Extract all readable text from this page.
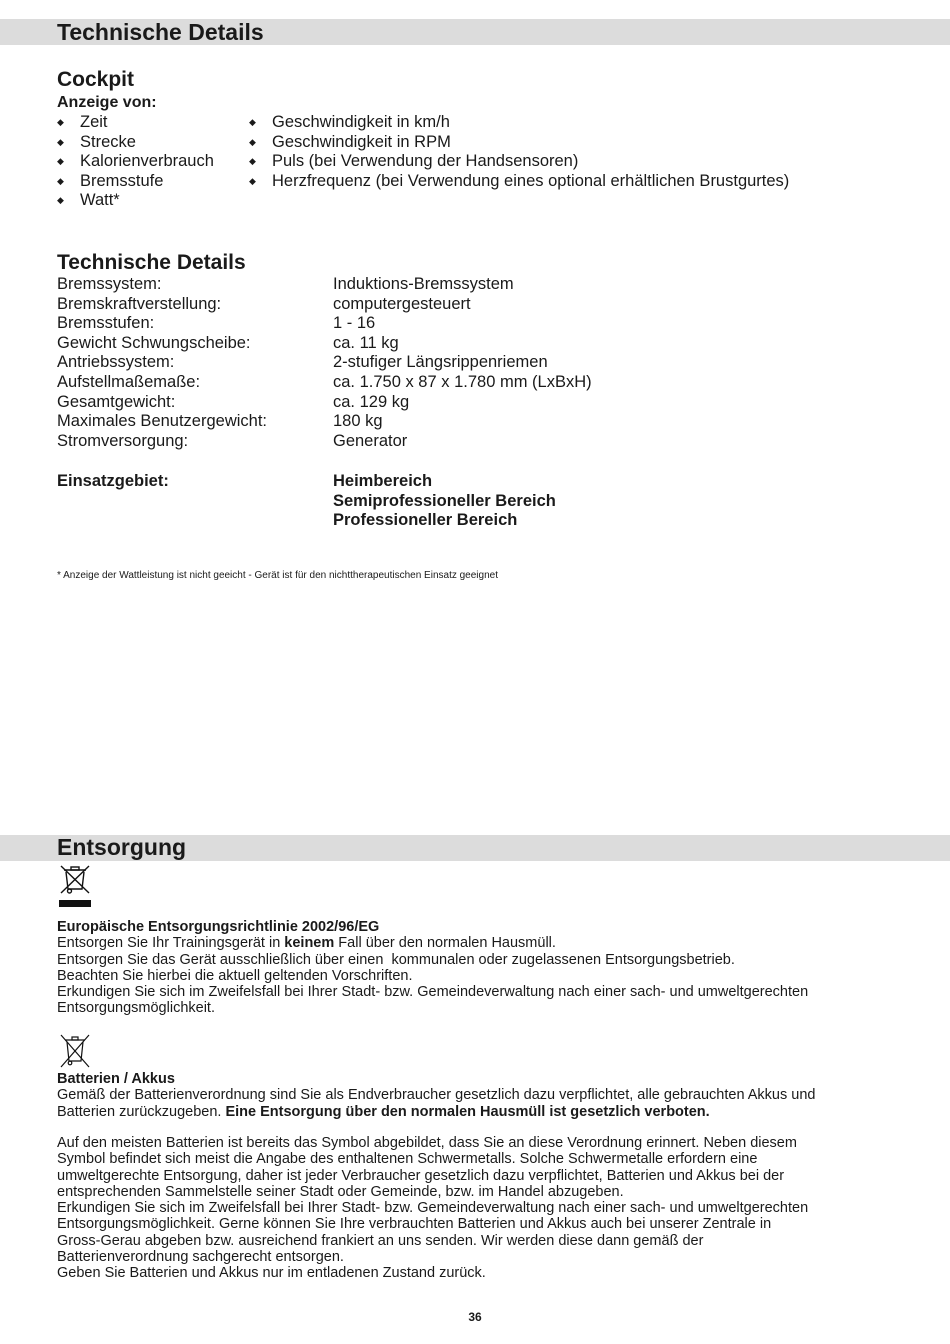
Technische Details
Cockpit
Anzeige von:
◆ Zeit
◆ Strecke
◆ Kalorienverbrauch
◆ Bremsstufe
◆ Watt*
◆ Geschwindigkeit in km/h
◆ Geschwindigkeit in RPM
◆ Puls (bei Verwendung der Handsensoren)
◆ Herzfrequenz (bei Verwendung eines optional erhältlichen Brustgurtes)
Technische Details
Bremssystem:	Induktions-Bremssystem
Bremskraftverstellung:	computergesteuert
Bremsstufen:	1 - 16
Gewicht Schwungscheibe:	ca. 11 kg
Antriebssystem:	2-stufiger Längsrippenriemen
Aufstellmaßemaße:	ca. 1.750 x 87 x 1.780 mm (LxBxH)
Gesamtgewicht:	ca. 129 kg
Maximales Benutzergewicht:	180 kg
Stromversorgung:	Generator
Einsatzgebiet:	Heimbereich
Semiprofessioneller Bereich
Professioneller Bereich
* Anzeige der Wattleistung ist nicht geeicht - Gerät ist für den nichttherapeutischen Einsatz geeignet
Entsorgung
Europäische Entsorgungsrichtlinie 2002/96/EG
Entsorgen Sie Ihr Trainingsgerät in keinem Fall über den normalen Hausmüll.
Entsorgen Sie das Gerät ausschließlich über einen  kommunalen oder zugelassenen Entsorgungsbetrieb.
Beachten Sie hierbei die aktuell geltenden Vorschriften.
Erkundigen Sie sich im Zweifelsfall bei Ihrer Stadt- bzw. Gemeindeverwaltung nach einer sach- und umweltgerechten
Entsorgungsmöglichkeit.
Batterien / Akkus
Gemäß der Batterienverordnung sind Sie als Endverbraucher gesetzlich dazu verpflichtet, alle gebrauchten Akkus und
Batterien zurückzugeben. Eine Entsorgung über den normalen Hausmüll ist gesetzlich verboten.
Auf den meisten Batterien ist bereits das Symbol abgebildet, dass Sie an diese Verordnung erinnert. Neben diesem
Symbol befindet sich meist die Angabe des enthaltenen Schwermetalls. Solche Schwermetalle erfordern eine
umweltgerechte Entsorgung, daher ist jeder Verbraucher gesetzlich dazu verpflichtet, Batterien und Akkus bei der
entsprechenden Sammelstelle seiner Stadt oder Gemeinde, bzw. im Handel abzugeben.
Erkundigen Sie sich im Zweifelsfall bei Ihrer Stadt- bzw. Gemeindeverwaltung nach einer sach- und umweltgerechten
Entsorgungsmöglichkeit. Gerne können Sie Ihre verbrauchten Batterien und Akkus auch bei unserer Zentrale in
Gross-Gerau abgeben bzw. ausreichend frankiert an uns senden. Wir werden diese dann gemäß der
Batterienverordnung sachgerecht entsorgen.
Geben Sie Batterien und Akkus nur im entladenen Zustand zurück.
36
